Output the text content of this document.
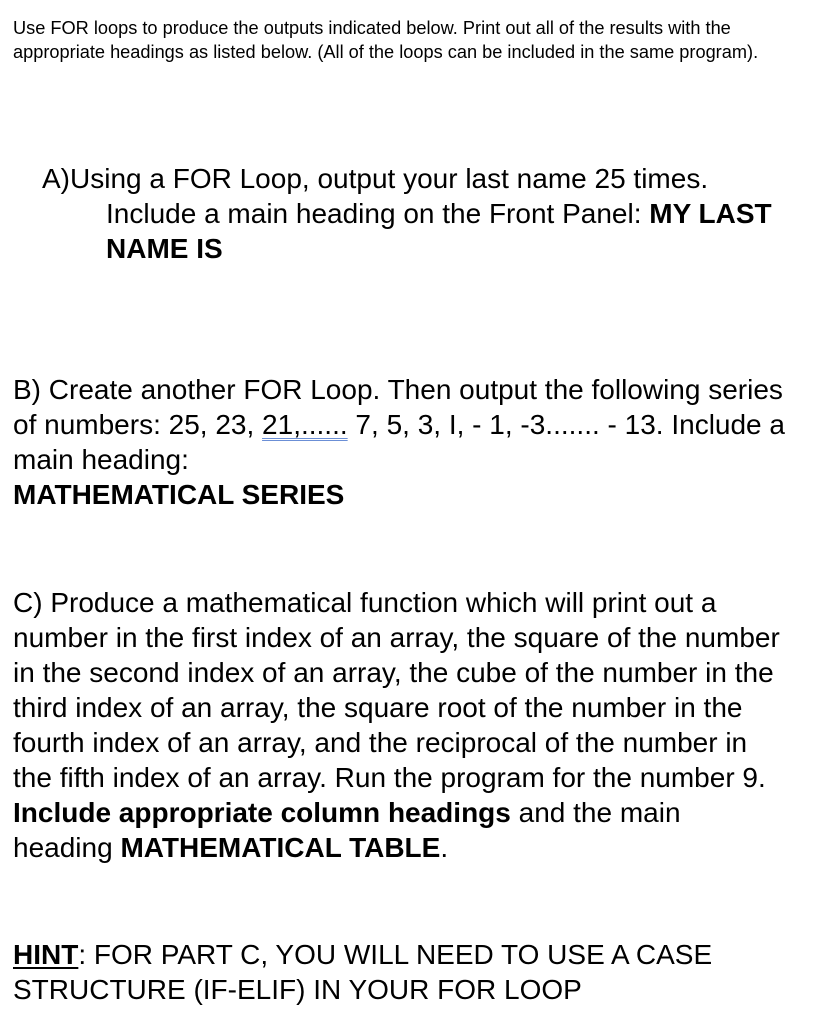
Use FOR loops to produce the outputs indicated below. Print out all of the results with the appropriate headings as listed below. (All of the loops can be included in the same program).

A)Using a FOR Loop, output your last name 25 times.
Include a main heading on the Front Panel: MY LAST NAME IS

B) Create another FOR Loop. Then output the following series of numbers: 25, 23, 21,...... 7, 5, 3, I, - 1, -3....... - 13. Include a main heading:
MATHEMATICAL SERIES

C) Produce a mathematical function which will print out a number in the first index of an array, the square of the number in the second index of an array, the cube of the number in the third index of an array, the square root of the number in the fourth index of an array, and the reciprocal of the number in the fifth index of an array. Run the program for the number 9. Include appropriate column headings and the main heading MATHEMATICAL TABLE.

HINT: FOR PART C, YOU WILL NEED TO USE A CASE STRUCTURE (IF-ELIF) IN YOUR FOR LOOP
